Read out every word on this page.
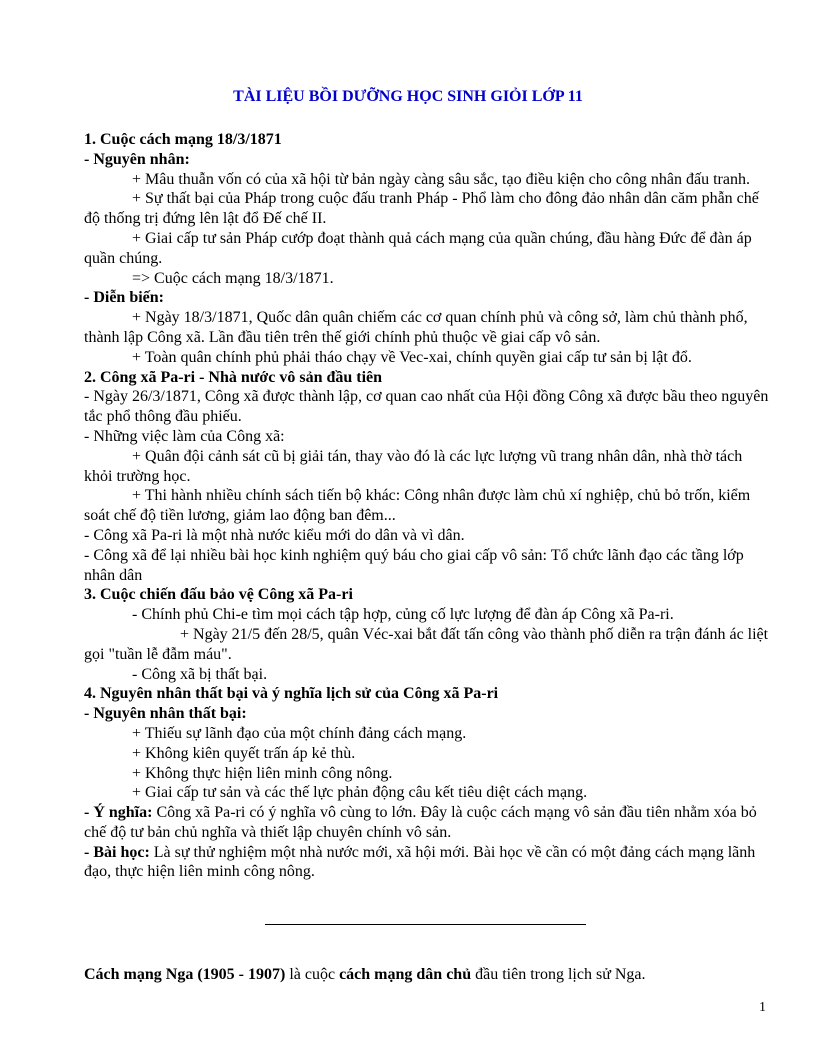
TÀI LIỆU BỒI DƯỠNG HỌC SINH GIỎI LỚP 11

1. Cuộc cách mạng 18/3/1871

- Nguyên nhân:

+ Mâu thuẫn vốn có của xã hội từ bản ngày càng sâu sắc, tạo điều kiện cho công nhân đấu tranh.

+ Sự thất bại của Pháp trong cuộc đấu tranh Pháp - Phổ làm cho đông đảo nhân dân căm phẫn chế độ thống trị đứng lên lật đổ Đế chế II.

+ Giai cấp tư sản Pháp cướp đoạt thành quả cách mạng của quần chúng, đầu hàng Đức để đàn áp quần chúng.

=> Cuộc cách mạng 18/3/1871.

- Diễn biến:

+ Ngày 18/3/1871, Quốc dân quân chiếm các cơ quan chính phủ và công sở, làm chủ thành phố, thành lập Công xã. Lần đầu tiên trên thế giới chính phủ thuộc về giai cấp vô sản.

+ Toàn quân chính phủ phải tháo chạy về Vec-xai, chính quyền giai cấp tư sản bị lật đổ.

2. Công xã Pa-ri - Nhà nước vô sản đầu tiên

- Ngày 26/3/1871, Công xã được thành lập, cơ quan cao nhất của Hội đồng Công xã được bầu theo nguyên tắc phổ thông đầu phiếu.

- Những việc làm của Công xã:

+ Quân đội cảnh sát cũ bị giải tán, thay vào đó là các lực lượng vũ trang nhân dân, nhà thờ tách khỏi trường học.

+ Thi hành nhiều chính sách tiến bộ khác: Công nhân được làm chủ xí nghiệp, chủ bỏ trốn, kiểm soát chế độ tiền lương, giảm lao động ban đêm...

- Công xã Pa-ri là một nhà nước kiểu mới do dân và vì dân.

- Công xã để lại nhiều bài học kinh nghiệm quý báu cho giai cấp vô sản: Tổ chức lãnh đạo các tầng lớp nhân dân

3. Cuộc chiến đấu bảo vệ Công xã Pa-ri

- Chính phủ Chi-e tìm mọi cách tập hợp, củng cố lực lượng để đàn áp Công xã Pa-ri.

+ Ngày 21/5 đến 28/5, quân Véc-xai bắt đất tấn công vào thành phố diễn ra trận đánh ác liệt gọi "tuần lễ đẫm máu".

- Công xã bị thất bại.

4. Nguyên nhân thất bại và ý nghĩa lịch sử của Công xã Pa-ri

- Nguyên nhân thất bại:

+ Thiếu sự lãnh đạo của một chính đảng cách mạng.

+ Không kiên quyết trấn áp kẻ thù.

+ Không thực hiện liên minh công nông.

+ Giai cấp tư sản và các thế lực phản động câu kết tiêu diệt cách mạng.

- Ý nghĩa: Công xã Pa-ri có ý nghĩa vô cùng to lớn. Đây là cuộc cách mạng vô sản đầu tiên nhằm xóa bỏ chế độ tư bản chủ nghĩa và thiết lập chuyên chính vô sản.

- Bài học: Là sự thử nghiệm một nhà nước mới, xã hội mới. Bài học về cần có một đảng cách mạng lãnh đạo, thực hiện liên minh công nông.

Cách mạng Nga (1905 - 1907) là cuộc cách mạng dân chủ đầu tiên trong lịch sử Nga.
1
